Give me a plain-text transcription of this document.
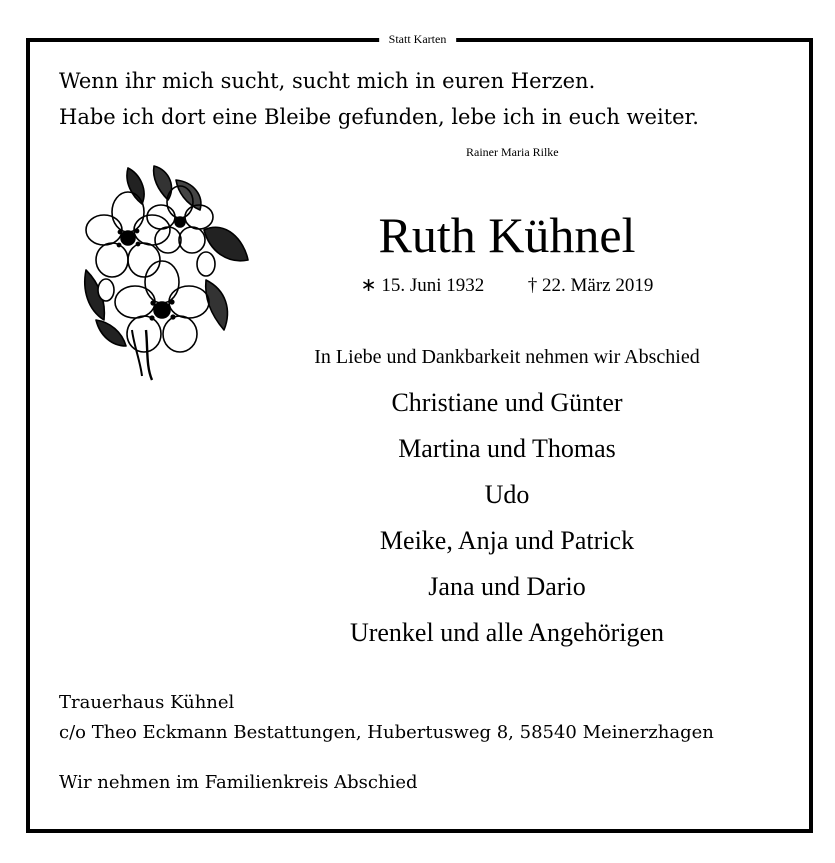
Statt Karten
Wenn ihr mich sucht, sucht mich in euren Herzen.
Habe ich dort eine Bleibe gefunden, lebe ich in euch weiter.
Rainer Maria Rilke
Ruth Kühnel
∗ 15. Juni 1932 † 22. März 2019
In Liebe und Dankbarkeit nehmen wir Abschied
Christiane und Günter
Martina und Thomas
Udo
Meike, Anja und Patrick
Jana und Dario
Urenkel und alle Angehörigen
Trauerhaus Kühnel
c/o Theo Eckmann Bestattungen, Hubertusweg 8, 58540 Meinerzhagen
Wir nehmen im Familienkreis Abschied
